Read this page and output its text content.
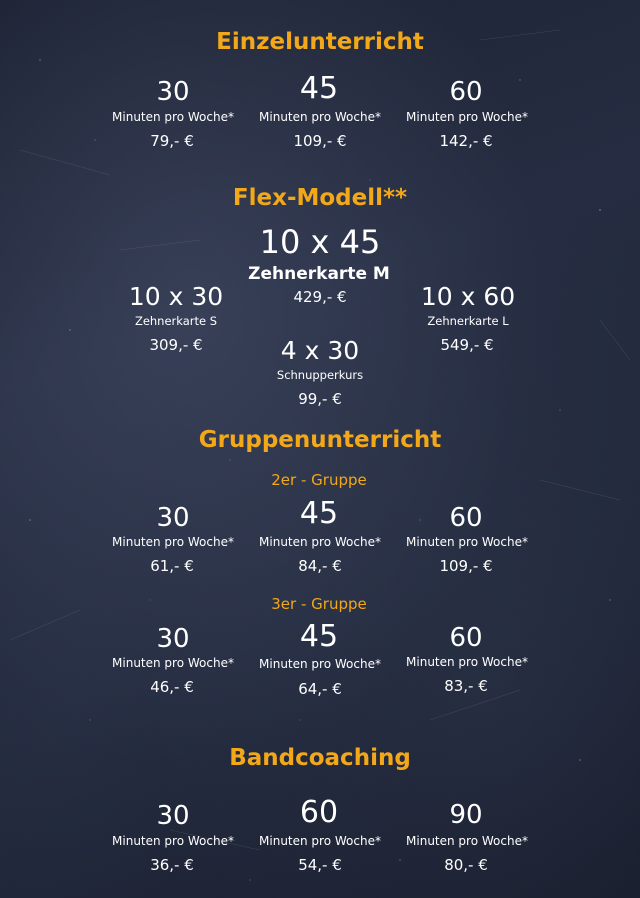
Einzelunterricht
30	45	60
Minuten pro Woche* Minuten pro Woche* Minuten pro Woche*
79,- €	109,- €	142,- €
Flex-Modell**
10 x 45
Zehnerkarte M
429,- €
10 x 30
Zehnerkarte S
309,- €
10 x 60
Zehnerkarte L
549,- €
4 x 30
Schnupperkurs
99,- €
Gruppenunterricht
2er - Gruppe
30	45	60
Minuten pro Woche* Minuten pro Woche* Minuten pro Woche*
61,- €	84,- €	109,- €
3er - Gruppe
30	45	60
Minuten pro Woche* Minuten pro Woche* Minuten pro Woche*
46,- €	64,- €	83,- €
Bandcoaching
30	60	90
Minuten pro Woche* Minuten pro Woche* Minuten pro Woche*
36,- €	54,- €	80,- €
